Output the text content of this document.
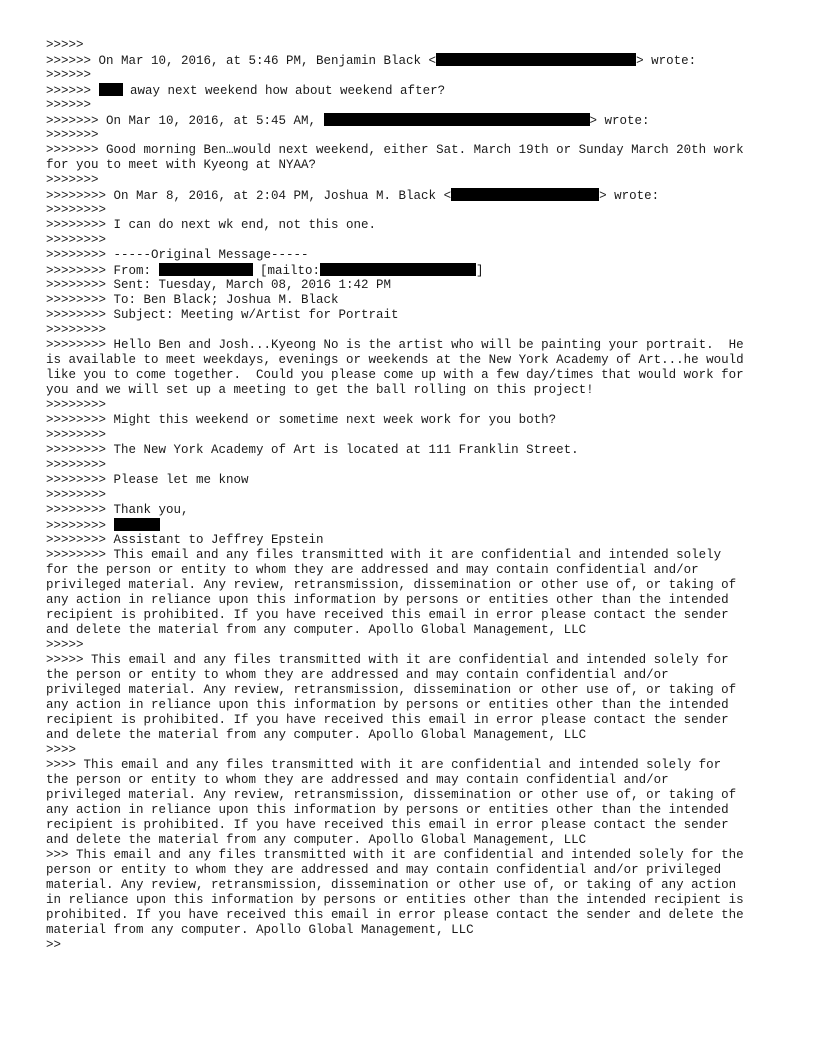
>>>>>
>>>>>> On Mar 10, 2016, at 5:46 PM, Benjamin Black <	> wrote:
>>>>>>
>>>>>>  away next weekend how about weekend after?
>>>>>>
>>>>>>> On Mar 10, 2016, at 5:45 AM,	> wrote:
>>>>>>>
>>>>>>> Good morning Ben…would next weekend, either Sat. March 19th or Sunday March 20th work
for you to meet with Kyeong at NYAA?
>>>>>>>
>>>>>>>> On Mar 8, 2016, at 2:04 PM, Joshua M. Black <	> wrote:
>>>>>>>>
>>>>>>>> I can do next wk end, not this one.
>>>>>>>>
>>>>>>>> -----Original Message-----
>>>>>>>> From:	[mailto:	]
>>>>>>>> Sent: Tuesday, March 08, 2016 1:42 PM
>>>>>>>> To: Ben Black; Joshua M. Black
>>>>>>>> Subject: Meeting w/Artist for Portrait
>>>>>>>>
>>>>>>>> Hello Ben and Josh...Kyeong No is the artist who will be painting your portrait.  He
is available to meet weekdays, evenings or weekends at the New York Academy of Art...he would
like you to come together.  Could you please come up with a few day/times that would work for
you and we will set up a meeting to get the ball rolling on this project!
>>>>>>>>
>>>>>>>> Might this weekend or sometime next week work for you both?
>>>>>>>>
>>>>>>>> The New York Academy of Art is located at 111 Franklin Street.
>>>>>>>>
>>>>>>>> Please let me know
>>>>>>>>
>>>>>>>> Thank you,
>>>>>>>>
>>>>>>>> Assistant to Jeffrey Epstein
>>>>>>>> This email and any files transmitted with it are confidential and intended solely
for the person or entity to whom they are addressed and may contain confidential and/or
privileged material. Any review, retransmission, dissemination or other use of, or taking of
any action in reliance upon this information by persons or entities other than the intended
recipient is prohibited. If you have received this email in error please contact the sender
and delete the material from any computer. Apollo Global Management, LLC
>>>>>
>>>>> This email and any files transmitted with it are confidential and intended solely for
the person or entity to whom they are addressed and may contain confidential and/or
privileged material. Any review, retransmission, dissemination or other use of, or taking of
any action in reliance upon this information by persons or entities other than the intended
recipient is prohibited. If you have received this email in error please contact the sender
and delete the material from any computer. Apollo Global Management, LLC
>>>>
>>>> This email and any files transmitted with it are confidential and intended solely for
the person or entity to whom they are addressed and may contain confidential and/or
privileged material. Any review, retransmission, dissemination or other use of, or taking of
any action in reliance upon this information by persons or entities other than the intended
recipient is prohibited. If you have received this email in error please contact the sender
and delete the material from any computer. Apollo Global Management, LLC
>>> This email and any files transmitted with it are confidential and intended solely for the
person or entity to whom they are addressed and may contain confidential and/or privileged
material. Any review, retransmission, dissemination or other use of, or taking of any action
in reliance upon this information by persons or entities other than the intended recipient is
prohibited. If you have received this email in error please contact the sender and delete the
material from any computer. Apollo Global Management, LLC
>>
